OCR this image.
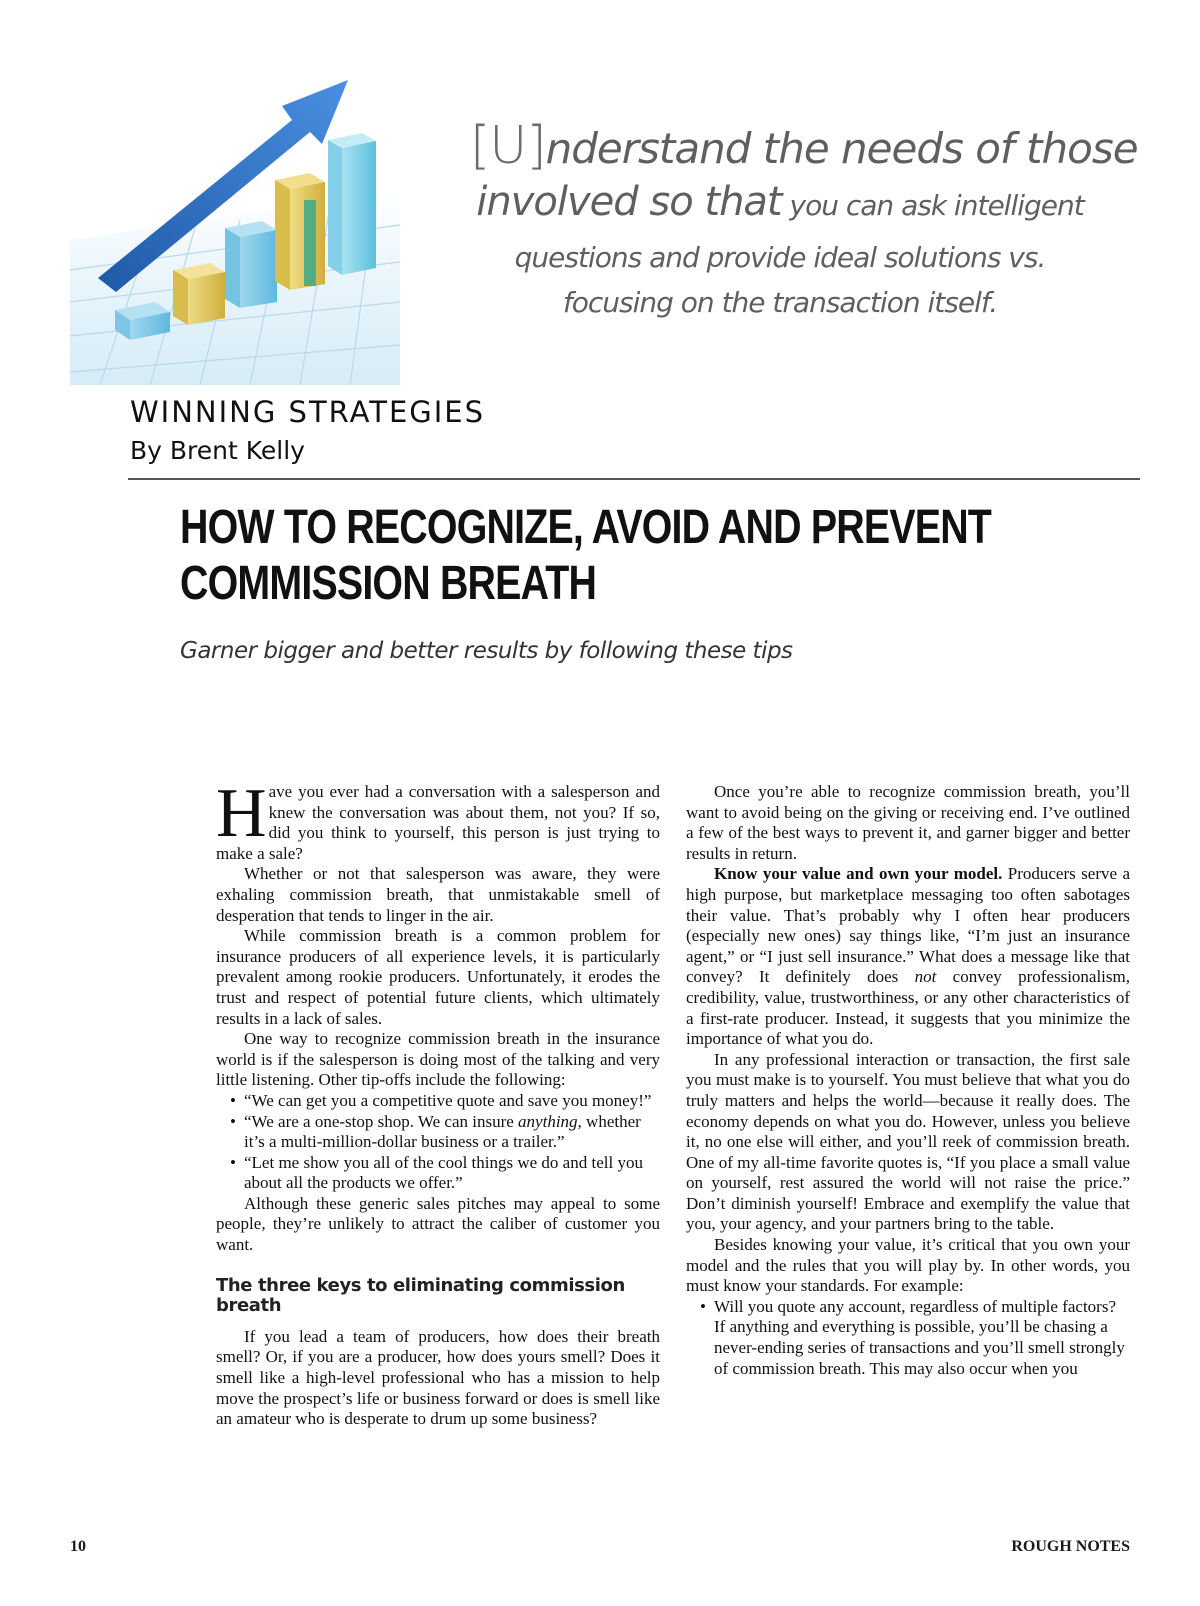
[U]nderstand the needs of those
involved so that you can ask intelligent
questions and provide ideal solutions vs.
focusing on the transaction itself.
WINNING STRATEGIES
By Brent Kelly
HOW TO RECOGNIZE, AVOID AND PREVENT
COMMISSION BREATH
Garner bigger and better results by following these tips

Have you ever had a conversation with a salesperson and knew the conversation was about them, not you? If so, did you think to yourself, this person is just trying to make a sale?

Whether or not that salesperson was aware, they were exhaling commission breath, that unmistakable smell of desperation that tends to linger in the air.

While commission breath is a common problem for insurance producers of all experience levels, it is particularly prevalent among rookie producers. Unfortunately, it erodes the trust and respect of potential future clients, which ultimately results in a lack of sales.

One way to recognize commission breath in the insurance world is if the salesperson is doing most of the talking and very little listening. Other tip-offs include the following:

• “We can get you a competitive quote and save you money!”
• “We are a one-stop shop. We can insure anything, whether it’s a multi-million-dollar business or a trailer.”
• “Let me show you all of the cool things we do and tell you about all the products we offer.”

Although these generic sales pitches may appeal to some people, they’re unlikely to attract the caliber of customer you want.

The three keys to eliminating commission breath

If you lead a team of producers, how does their breath smell? Or, if you are a producer, how does yours smell? Does it smell like a high-level professional who has a mission to help move the prospect’s life or business forward or does is smell like an amateur who is desperate to drum up some business?

Once you’re able to recognize commission breath, you’ll want to avoid being on the giving or receiving end. I’ve outlined a few of the best ways to prevent it, and garner bigger and better results in return.

Know your value and own your model. Producers serve a high purpose, but marketplace messaging too often sabotages their value. That’s probably why I often hear producers (especially new ones) say things like, “I’m just an insurance agent,” or “I just sell insurance.” What does a message like that convey? It definitely does not convey professionalism, credibility, value, trustworthiness, or any other characteristics of a first-rate producer. Instead, it suggests that you minimize the importance of what you do.

In any professional interaction or transaction, the first sale you must make is to yourself. You must believe that what you do truly matters and helps the world—because it really does. The economy depends on what you do. However, unless you believe it, no one else will either, and you’ll reek of commission breath. One of my all-time favorite quotes is, “If you place a small value on yourself, rest assured the world will not raise the price.” Don’t diminish yourself! Embrace and exemplify the value that you, your agency, and your partners bring to the table.

Besides knowing your value, it’s critical that you own your model and the rules that you will play by. In other words, you must know your standards. For example:

• Will you quote any account, regardless of multiple factors? If anything and everything is possible, you’ll be chasing a never-ending series of transactions and you’ll smell strongly of commission breath. This may also occur when you
10	ROUGH NOTES
